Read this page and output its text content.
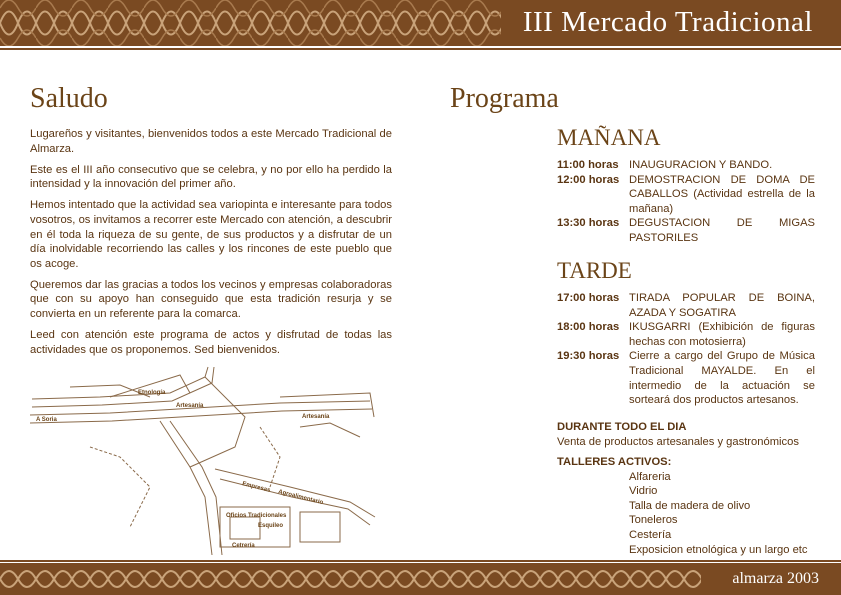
III Mercado Tradicional
Saludo

Lugareños y visitantes, bienvenidos todos a este Mercado Tradicional de Almarza.

Este es el III año consecutivo que se celebra, y no por ello ha perdido la intensidad y la innovación del primer año.

Hemos intentado que la actividad sea variopinta e interesante para todos vosotros, os invitamos a recorrer este Mercado con atención, a descubrir en él toda la riqueza de su gente, de sus productos y a disfrutar de un día inolvidable recorriendo las calles y los rincones de este pueblo que os acoge.

Queremos dar las gracias a todos los vecinos y empresas colaboradoras que con su apoyo han conseguido que esta tradición resurja y se convierta en un referente para la comarca.

Leed con atención este programa de actos y disfrutad de todas las actividades que os proponemos. Sed bienvenidos.

Etnología
Artesanía
Artesanía
A Soria
Empresas
Agroalimentario
Oficios Tradicionales
Esquileo
Cetrería
Programa
MAÑANA
11:00 horas INAUGURACION Y BANDO.
12:00 horas DEMOSTRACION DE DOMA DE CABALLOS (Actividad estrella de la mañana)
13:30 horas DEGUSTACION DE MIGAS PASTORILES
TARDE
17:00 horas TIRADA POPULAR DE BOINA, AZADA Y SOGATIRA
18:00 horas IKUSGARRI (Exhibición de figuras hechas con motosierra)
19:30 horas Cierre a cargo del Grupo de Música Tradicional MAYALDE. En el intermedio de la actuación se sorteará dos productos artesanos.
DURANTE TODO EL DIA
Venta de productos artesanales y gastronómicos
TALLERES ACTIVOS:
Alfareria
Vidrio
Talla de madera de olivo
Toneleros
Cestería
Exposicion etnológica y un largo etc
almarza 2003
